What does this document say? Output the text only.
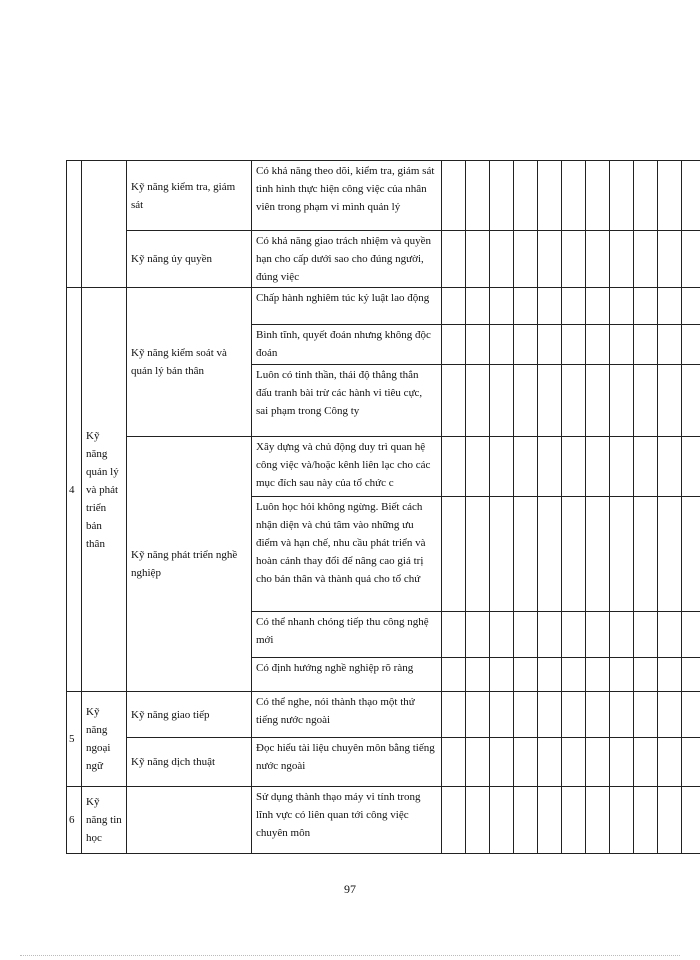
		Kỹ năng kiểm tra, giám sát	Có khả năng theo dõi, kiểm tra, giám sát tình hình thực hiện công việc của nhân viên trong phạm vi mình quản lý												
		Kỹ năng ủy quyền	Có khả năng giao trách nhiệm và quyền hạn cho cấp dưới sao cho đúng người, đúng việc												
4	Kỹ năng quản lý và phát triển bản thân	Kỹ năng kiểm soát và quản lý bản thân	Chấp hành nghiêm túc kỷ luật lao động												
			Bình tĩnh, quyết đoán nhưng không độc đoán												
			Luôn có tinh thần, thái độ thẳng thắn đấu tranh bài trừ các hành vi tiêu cực, sai phạm trong Công ty												
		Kỹ năng phát triển nghề nghiệp	Xây dựng và chủ động duy trì quan hệ công việc và/hoặc kênh liên lạc cho các mục đích sau này của tổ chức c												
			Luôn học hỏi không ngừng. Biết cách nhận diện và chú tâm vào những ưu điểm và hạn chế, nhu cầu phát triển và hoàn cảnh thay đổi để nâng cao giá trị cho bản thân và thành quả cho tổ chứ												
			Có thể nhanh chóng tiếp thu công nghệ mới												
			Có định hướng nghề nghiệp rõ ràng												
5	Kỹ năng ngoại ngữ	Kỹ năng giao tiếp	Có thể nghe, nói thành thạo một thứ tiếng nước ngoài												
		Kỹ năng dịch thuật	Đọc hiểu tài liệu chuyên môn bằng tiếng nước ngoài												
6	Kỹ năng tin học		Sử dụng thành thạo máy vi tính trong lĩnh vực có liên quan tới công việc chuyên môn												
97
